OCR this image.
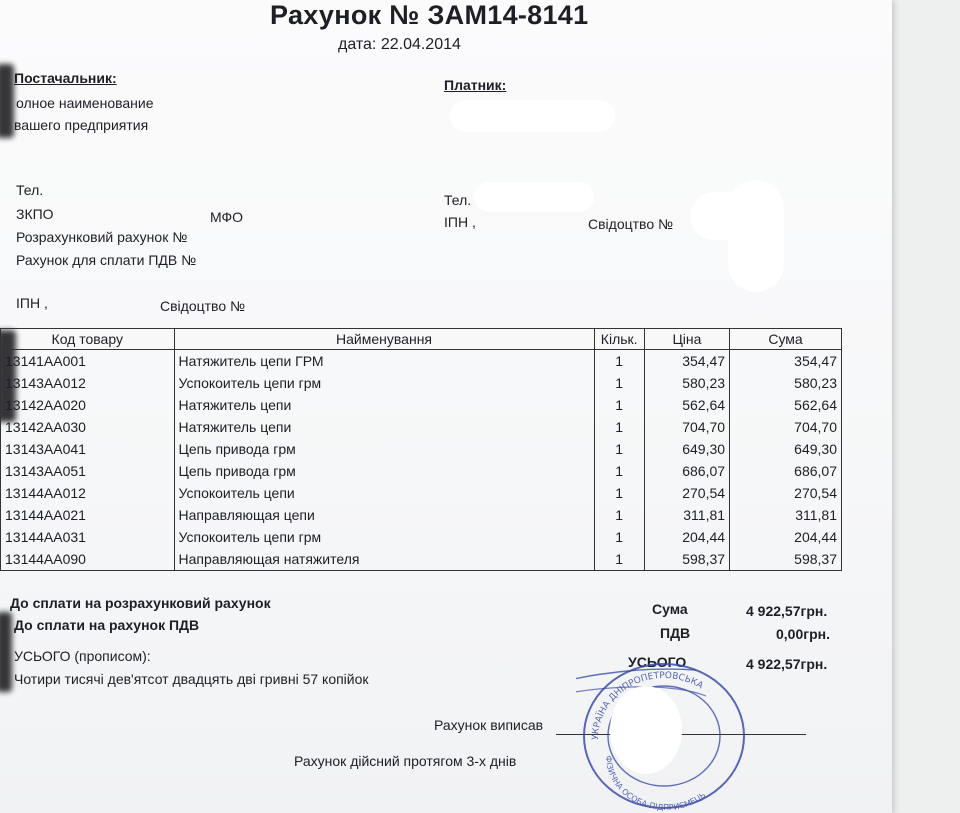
Рахунок № ЗАМ14-8141
дата: 22.04.2014
Постачальник:
олное наименование
вашего предприятия
Тел.
ЗКПО	МФО
Розрахунковий рахунок №
Рахунок для сплати ПДВ №
ІПН ,	Свідоцтво №
Платник:
Тел.
ІПН ,	Свідоцтво №
Код товару	Найменування	Кільк.	Ціна	Сума
13141АА001	Натяжитель цепи ГРМ	1	354,47	354,47
13143АА012	Успокоитель цепи грм	1	580,23	580,23
13142АА020	Натяжитель цепи	1	562,64	562,64
13142АА030	Натяжитель цепи	1	704,70	704,70
13143АА041	Цепь привода грм	1	649,30	649,30
13143АА051	Цепь привода грм	1	686,07	686,07
13144АА012	Успокоитель цепи	1	270,54	270,54
13144АА021	Направляющая цепи	1	311,81	311,81
13144АА031	Успокоитель цепи грм	1	204,44	204,44
13144АА090	Направляющая натяжителя	1	598,37	598,37
До сплати на розрахунковий рахунок
До сплати на рахунок ПДВ
УСЬОГО (прописом):
Чотири тисячі дев'ятсот двадцять дві гривні 57 копійок
Сума	4 922,57грн.
ПДВ	0,00грн.
УСЬОГО	4 922,57грн.
Рахунок виписав
Рахунок дійсний протягом 3-х днів
УКРАЇНА ДНІПРОПЕТРОВСЬКА
ФІЗИЧНА ОСОБА-ПІДПРИЄМЕЦЬ
